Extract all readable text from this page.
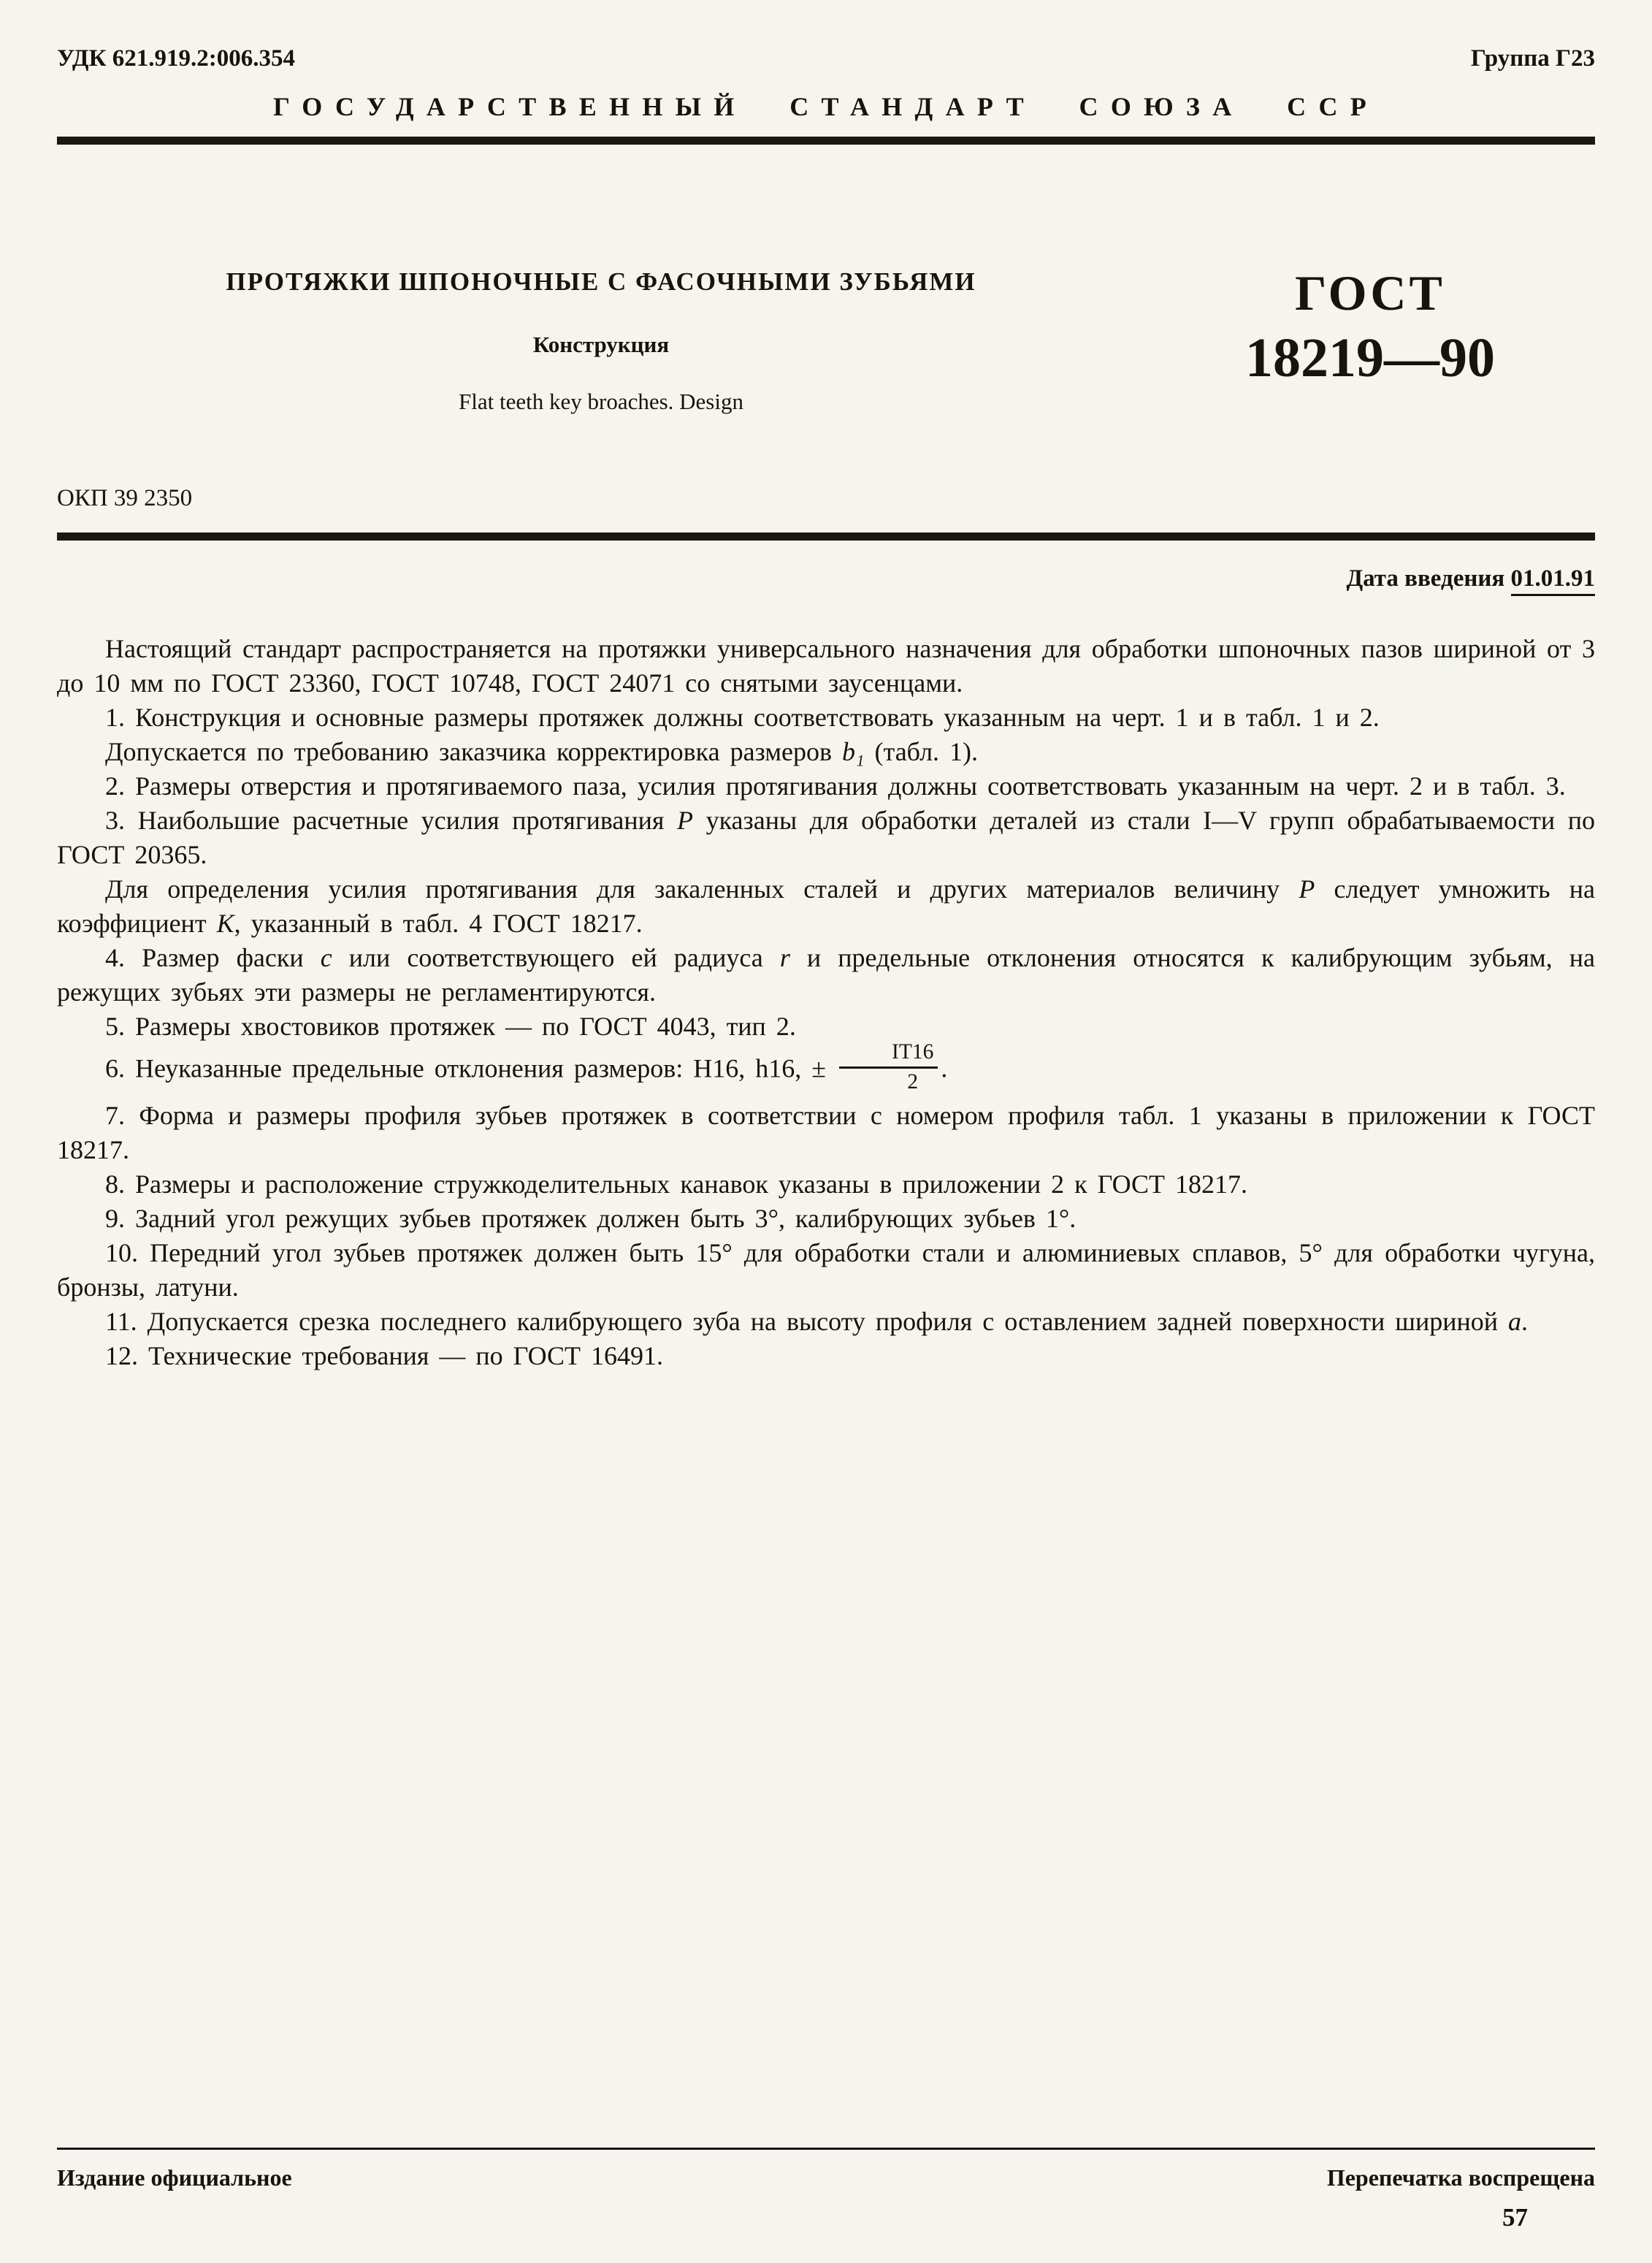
УДК 621.919.2:006.354	Группа Г23
ГОСУДАРСТВЕННЫЙ СТАНДАРТ СОЮЗА ССР
ПРОТЯЖКИ ШПОНОЧНЫЕ С ФАСОЧНЫМИ ЗУБЬЯМИ
Конструкция
Flat teeth key broaches. Design
ГОСТ
18219—90
ОКП 39 2350
Дата введения 01.01.91

Настоящий стандарт распространяется на протяжки универсального назначения для обработки шпоночных пазов шириной от 3 до 10 мм по ГОСТ 23360, ГОСТ 10748, ГОСТ 24071 со снятыми заусенцами.

1. Конструкция и основные размеры протяжек должны соответствовать указанным на черт. 1 и в табл. 1 и 2.

Допускается по требованию заказчика корректировка размеров b₁ (табл. 1).

2. Размеры отверстия и протягиваемого паза, усилия протягивания должны соответствовать указанным на черт. 2 и в табл. 3.

3. Наибольшие расчетные усилия протягивания P указаны для обработки деталей из стали I—V групп обрабатываемости по ГОСТ 20365.

Для определения усилия протягивания для закаленных сталей и других материалов величину P следует умножить на коэффициент K, указанный в табл. 4 ГОСТ 18217.

4. Размер фаски c или соответствующего ей радиуса r и предельные отклонения относятся к калибрующим зубьям, на режущих зубьях эти размеры не регламентируются.

5. Размеры хвостовиков протяжек — по ГОСТ 4043, тип 2.

6. Неуказанные предельные отклонения размеров: Н16, h16, ± $\frac{IT16}{2}$ .

7. Форма и размеры профиля зубьев протяжек в соответствии с номером профиля табл. 1 указаны в приложении к ГОСТ 18217.

8. Размеры и расположение стружкоделительных канавок указаны в приложении 2 к ГОСТ 18217.

9. Задний угол режущих зубьев протяжек должен быть 3°, калибрующих зубьев 1°.

10. Передний угол зубьев протяжек должен быть 15° для обработки стали и алюминиевых сплавов, 5° для обработки чугуна, бронзы, латуни.

11. Допускается срезка последнего калибрующего зуба на высоту профиля с оставлением задней поверхности шириной a.

12. Технические требования — по ГОСТ 16491.

Издание официальное	Перепечатка воспрещена
57
